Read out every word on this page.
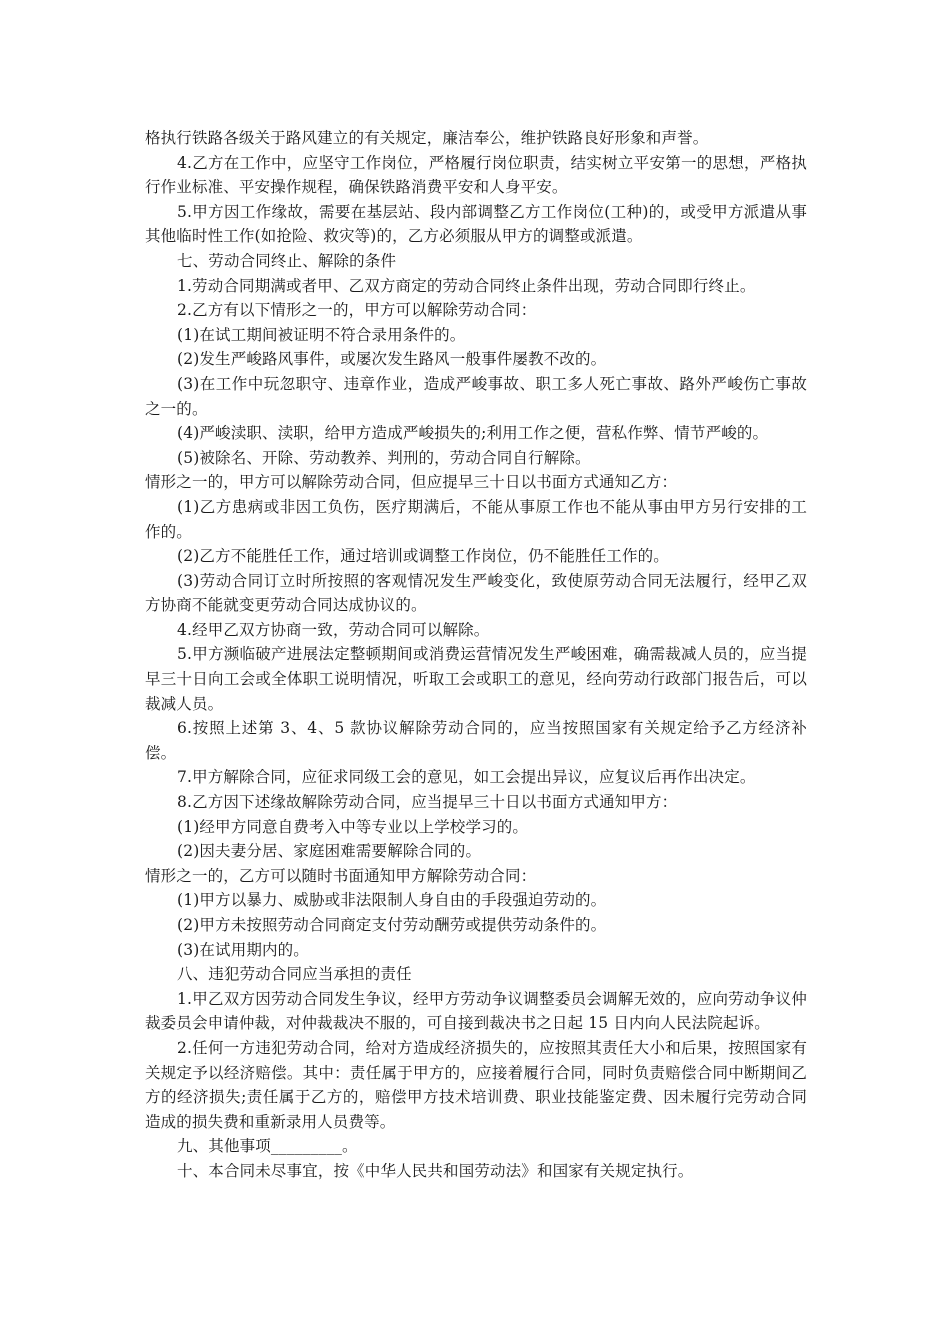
格执行铁路各级关于路风建立的有关规定，廉洁奉公，维护铁路良好形象和声誉。

4.乙方在工作中，应坚守工作岗位，严格履行岗位职责，结实树立平安第一的思想，严格执行作业标准、平安操作规程，确保铁路消费平安和人身平安。

5.甲方因工作缘故，需要在基层站、段内部调整乙方工作岗位(工种)的，或受甲方派遣从事其他临时性工作(如抢险、救灾等)的，乙方必须服从甲方的调整或派遣。

七、劳动合同终止、解除的条件

1.劳动合同期满或者甲、乙双方商定的劳动合同终止条件出现，劳动合同即行终止。

2.乙方有以下情形之一的，甲方可以解除劳动合同：

(1)在试工期间被证明不符合录用条件的。

(2)发生严峻路风事件，或屡次发生路风一般事件屡教不改的。

(3)在工作中玩忽职守、违章作业，造成严峻事故、职工多人死亡事故、路外严峻伤亡事故之一的。

(4)严峻渎职、渎职，给甲方造成严峻损失的;利用工作之便，营私作弊、情节严峻的。

(5)被除名、开除、劳动教养、判刑的，劳动合同自行解除。

情形之一的，甲方可以解除劳动合同，但应提早三十日以书面方式通知乙方：

(1)乙方患病或非因工负伤，医疗期满后，不能从事原工作也不能从事由甲方另行安排的工作的。

(2)乙方不能胜任工作，通过培训或调整工作岗位，仍不能胜任工作的。

(3)劳动合同订立时所按照的客观情况发生严峻变化，致使原劳动合同无法履行，经甲乙双方协商不能就变更劳动合同达成协议的。

4.经甲乙双方协商一致，劳动合同可以解除。

5.甲方濒临破产进展法定整顿期间或消费运营情况发生严峻困难，确需裁减人员的，应当提早三十日向工会或全体职工说明情况，听取工会或职工的意见，经向劳动行政部门报告后，可以裁减人员。

6.按照上述第 3、4、5 款协议解除劳动合同的，应当按照国家有关规定给予乙方经济补偿。

7.甲方解除合同，应征求同级工会的意见，如工会提出异议，应复议后再作出决定。

8.乙方因下述缘故解除劳动合同，应当提早三十日以书面方式通知甲方：

(1)经甲方同意自费考入中等专业以上学校学习的。

(2)因夫妻分居、家庭困难需要解除合同的。

情形之一的，乙方可以随时书面通知甲方解除劳动合同：

(1)甲方以暴力、威胁或非法限制人身自由的手段强迫劳动的。

(2)甲方未按照劳动合同商定支付劳动酬劳或提供劳动条件的。

(3)在试用期内的。

八、违犯劳动合同应当承担的责任

1.甲乙双方因劳动合同发生争议，经甲方劳动争议调整委员会调解无效的，应向劳动争议仲裁委员会申请仲裁，对仲裁裁决不服的，可自接到裁决书之日起 15 日内向人民法院起诉。

2.任何一方违犯劳动合同，给对方造成经济损失的，应按照其责任大小和后果，按照国家有关规定予以经济赔偿。其中：责任属于甲方的，应接着履行合同，同时负责赔偿合同中断期间乙方的经济损失;责任属于乙方的，赔偿甲方技术培训费、职业技能鉴定费、因未履行完劳动合同造成的损失费和重新录用人员费等。

九、其他事项_________。

十、本合同未尽事宜，按《中华人民共和国劳动法》和国家有关规定执行。
